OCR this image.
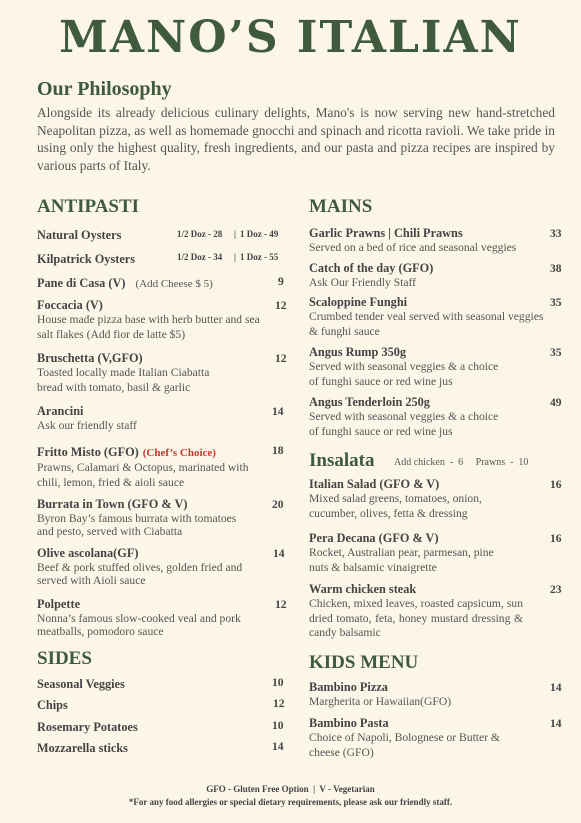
MANO’S ITALIAN
Our Philosophy
Alongside its already delicious culinary delights, Mano's is now serving new hand-stretched Neapolitan pizza, as well as homemade gnocchi and spinach and ricotta ravioli. We take pride in using only the highest quality, fresh ingredients, and our pasta and pizza recipes are inspired by various parts of Italy.
ANTIPASTI
Natural Oysters	1/2 Doz - 28 | 1 Doz - 49
Kilpatrick Oysters	1/2 Doz - 34 | 1 Doz - 55
Pane di Casa (V) (Add Cheese $ 5)	9
Foccacia (V)
House made pizza base with herb butter and sea salt flakes (Add fior de latte $5)
12
Bruschetta (V,GFO)
Toasted locally made Italian Ciabatta bread with tomato, basil & garlic
12
Arancini
Ask our friendly staff
14
Fritto Misto (GFO) (Chef’s Choice)
Prawns, Calamari & Octopus, marinated with chili, lemon, fried & aioli sauce
18
Burrata in Town (GFO & V)
Byron Bay’s famous burrata with tomatoes and pesto, served with Ciabatta
20
Olive ascolana(GF)
Beef & pork stuffed olives, golden fried and served with Aioli sauce
14
Polpette
Nonna’s famous slow-cooked veal and pork meatballs, pomodoro sauce
12
SIDES
Seasonal Veggies	10
Chips	12
Rosemary Potatoes	10
Mozzarella sticks	14
MAINS
Garlic Prawns | Chili Prawns
Served on a bed of rice and seasonal veggies
33
Catch of the day (GFO)
Ask Our Friendly Staff
38
Scaloppine Funghi
Crumbed tender veal served with seasonal veggies & funghi sauce
35
Angus Rump 350g
Served with seasonal veggies & a choice of funghi sauce or red wine jus
35
Angus Tenderloin 250g
Served with seasonal veggies & a choice of funghi sauce or red wine jus
49
Insalata Add chicken  -  6     Prawns  -  10
Italian Salad (GFO & V)
Mixed salad greens, tomatoes, onion, cucumber, olives, fetta & dressing
16
Pera Decana (GFO & V)
Rocket, Australian pear, parmesan, pine nuts & balsamic vinaigrette
16
Warm chicken steak
Chicken, mixed leaves, roasted capsicum, sun dried tomato, feta, honey mustard dressing & candy balsamic
23
KIDS MENU
Bambino Pizza
Margherita or Hawaiian(GFO)
14
Bambino Pasta
Choice of Napoli, Bolognese or Butter & cheese (GFO)
14
GFO - Gluten Free Option  |  V - Vegetarian
*For any food allergies or special dietary requirements, please ask our friendly staff.
